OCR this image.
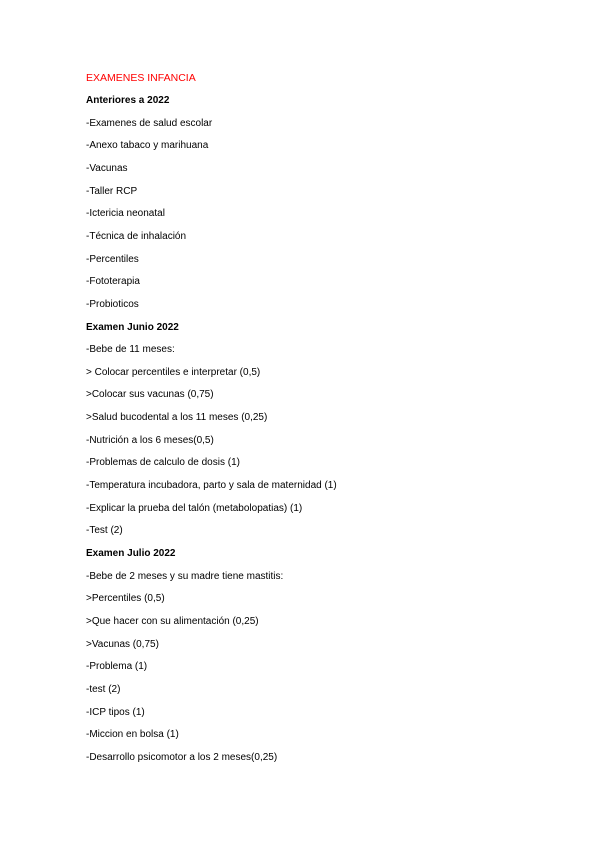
EXAMENES INFANCIA
Anteriores a 2022
-Examenes de salud escolar
-Anexo tabaco y marihuana
-Vacunas
-Taller RCP
-Ictericia neonatal
-Técnica de inhalación
-Percentiles
-Fototerapia
-Probioticos
Examen Junio 2022
-Bebe de 11 meses:
> Colocar percentiles e interpretar (0,5)
>Colocar sus vacunas (0,75)
>Salud bucodental a los 11 meses (0,25)
-Nutrición a los 6 meses(0,5)
-Problemas de calculo de dosis (1)
-Temperatura incubadora, parto y sala de maternidad (1)
-Explicar la prueba del talón (metabolopatias) (1)
-Test (2)
Examen Julio 2022
-Bebe de 2 meses y su madre tiene mastitis:
>Percentiles (0,5)
>Que hacer con su alimentación (0,25)
>Vacunas (0,75)
-Problema (1)
-test (2)
-ICP tipos (1)
-Miccion en bolsa (1)
-Desarrollo psicomotor a los 2 meses(0,25)
